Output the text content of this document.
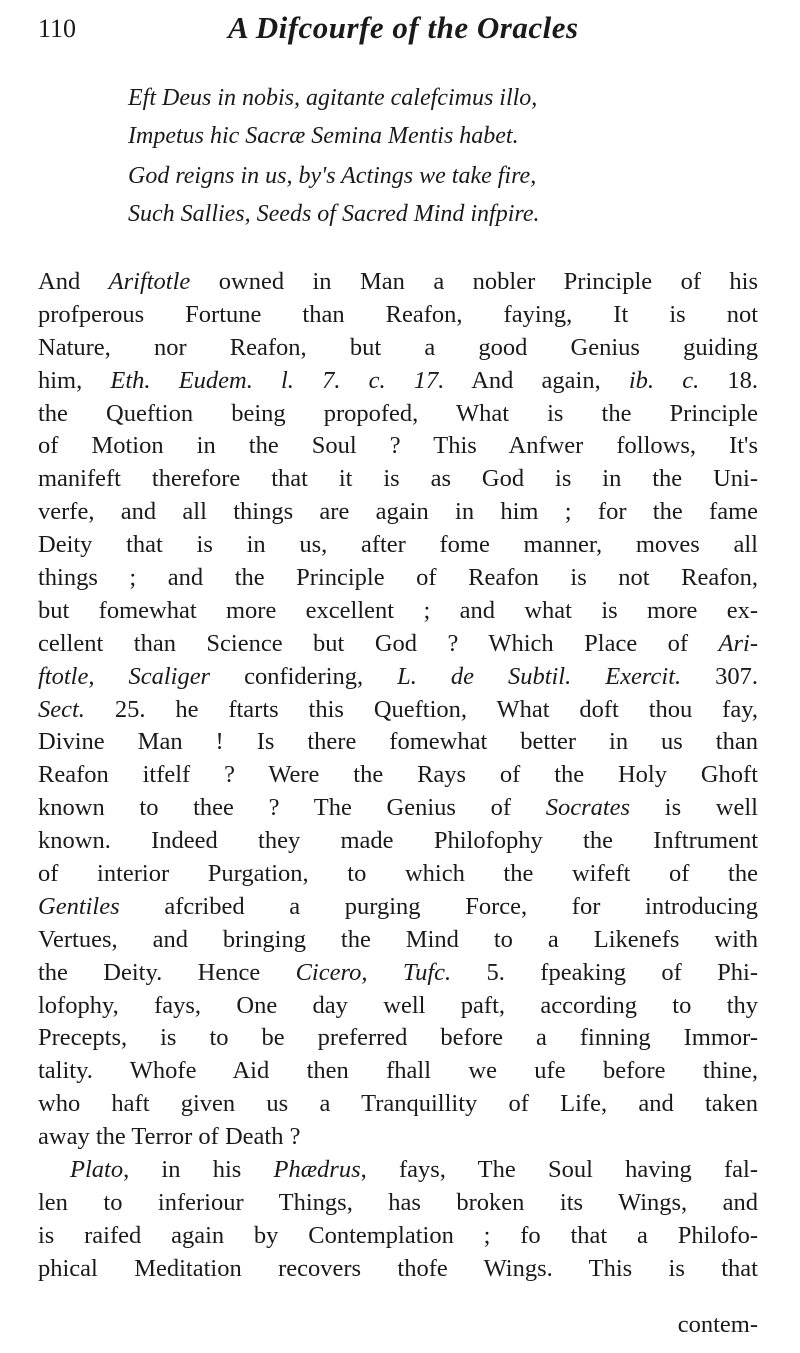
110	A Difcourfe of the Oracles
Eft Deus in nobis, agitante calefcimus illo,
Impetus hic Sacræ Semina Mentis habet.
God reigns in us, by's Actings we take fire,
Such Sallies, Seeds of Sacred Mind infpire.
And Ariftotle owned in Man a nobler Principle of his
profperous Fortune than Reafon, faying, It is not
Nature, nor Reafon, but a good Genius guiding
him, Eth. Eudem. l. 7. c. 17. And again, ib. c. 18.
the Queftion being propofed, What is the Principle
of Motion in the Soul ? This Anfwer follows, It's
manifeft therefore that it is as God is in the Uni-
verfe, and all things are again in him ; for the fame
Deity that is in us, after fome manner, moves all
things ; and the Principle of Reafon is not Reafon,
but fomewhat more excellent ; and what is more ex-
cellent than Science but God ? Which Place of Ari-
ftotle, Scaliger confidering, L. de Subtil. Exercit. 307.
Sect. 25. he ftarts this Queftion, What doft thou fay,
Divine Man ! Is there fomewhat better in us than
Reafon itfelf ? Were the Rays of the Holy Ghoft
known to thee ? The Genius of Socrates is well
known. Indeed they made Philofophy the Inftrument
of interior Purgation, to which the wifeft of the
Gentiles afcribed a purging Force, for introducing
Vertues, and bringing the Mind to a Likenefs with
the Deity. Hence Cicero, Tufc. 5. fpeaking of Phi-
lofophy, fays, One day well paft, according to thy
Precepts, is to be preferred before a finning Immor-
tality. Whofe Aid then fhall we ufe before thine,
who haft given us a Tranquillity of Life, and taken
away the Terror of Death ?
Plato, in his Phædrus, fays, The Soul having fal-
len to inferiour Things, has broken its Wings, and
is raifed again by Contemplation ; fo that a Philofo-
phical Meditation recovers thofe Wings. This is that
contem-
